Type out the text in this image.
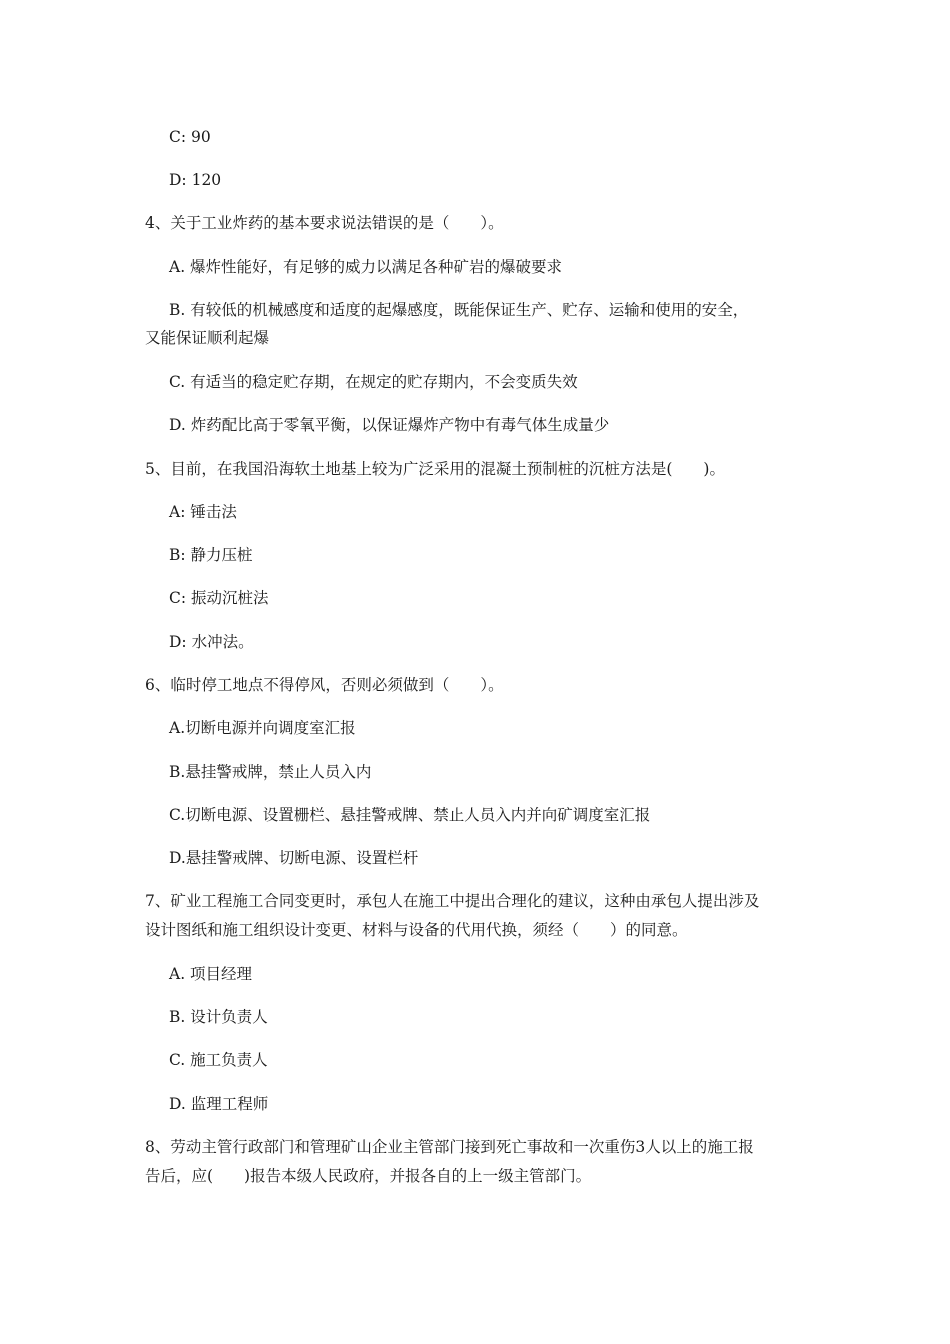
C: 90
D: 120
4、关于工业炸药的基本要求说法错误的是（　　）。
A. 爆炸性能好，有足够的威力以满足各种矿岩的爆破要求
B. 有较低的机械感度和适度的起爆感度，既能保证生产、贮存、运输和使用的安全，
又能保证顺利起爆
C. 有适当的稳定贮存期，在规定的贮存期内，不会变质失效
D. 炸药配比高于零氧平衡，以保证爆炸产物中有毒气体生成量少
5、目前，在我国沿海软土地基上较为广泛采用的混凝土预制桩的沉桩方法是(　　)。
A: 锤击法
B: 静力压桩
C: 振动沉桩法
D: 水冲法。
6、临时停工地点不得停风，否则必须做到（　　）。
A.切断电源并向调度室汇报
B.悬挂警戒牌，禁止人员入内
C.切断电源、设置栅栏、悬挂警戒牌、禁止人员入内并向矿调度室汇报
D.悬挂警戒牌、切断电源、设置栏杆
7、矿业工程施工合同变更时，承包人在施工中提出合理化的建议，这种由承包人提出涉及
设计图纸和施工组织设计变更、材料与设备的代用代换，须经（　　）的同意。
A. 项目经理
B. 设计负责人
C. 施工负责人
D. 监理工程师
8、劳动主管行政部门和管理矿山企业主管部门接到死亡事故和一次重伤3人以上的施工报
告后，应(　　)报告本级人民政府，并报各自的上一级主管部门。
